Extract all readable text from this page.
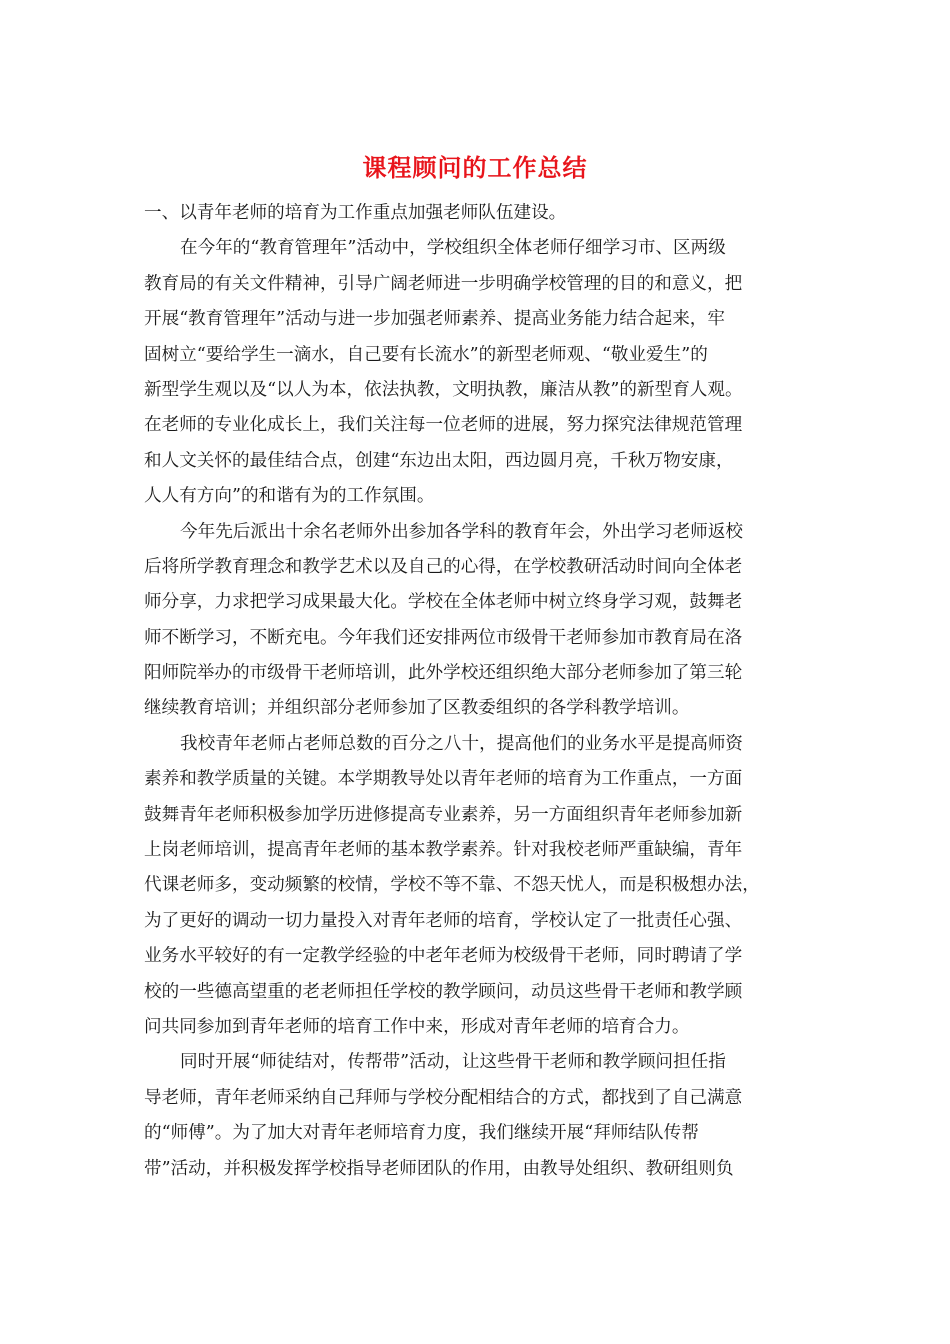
课程顾问的工作总结
一、以青年老师的培育为工作重点加强老师队伍建设。
在今年的“教育管理年”活动中，学校组织全体老师仔细学习市、区两级
教育局的有关文件精神，引导广阔老师进一步明确学校管理的目的和意义，把
开展“教育管理年”活动与进一步加强老师素养、提高业务能力结合起来，牢
固树立“要给学生一滴水，自己要有长流水”的新型老师观、“敬业爱生”的
新型学生观以及“以人为本，依法执教，文明执教，廉洁从教”的新型育人观。
在老师的专业化成长上，我们关注每一位老师的进展，努力探究法律规范管理
和人文关怀的最佳结合点，创建“东边出太阳，西边圆月亮，千秋万物安康，
人人有方向”的和谐有为的工作氛围。
今年先后派出十余名老师外出参加各学科的教育年会，外出学习老师返校
后将所学教育理念和教学艺术以及自己的心得，在学校教研活动时间向全体老
师分享，力求把学习成果最大化。学校在全体老师中树立终身学习观，鼓舞老
师不断学习，不断充电。今年我们还安排两位市级骨干老师参加市教育局在洛
阳师院举办的市级骨干老师培训，此外学校还组织绝大部分老师参加了第三轮
继续教育培训；并组织部分老师参加了区教委组织的各学科教学培训。
我校青年老师占老师总数的百分之八十，提高他们的业务水平是提高师资
素养和教学质量的关键。本学期教导处以青年老师的培育为工作重点，一方面
鼓舞青年老师积极参加学历进修提高专业素养，另一方面组织青年老师参加新
上岗老师培训，提高青年老师的基本教学素养。针对我校老师严重缺编，青年
代课老师多，变动频繁的校情，学校不等不靠、不怨天忧人，而是积极想办法，
为了更好的调动一切力量投入对青年老师的培育，学校认定了一批责任心强、
业务水平较好的有一定教学经验的中老年老师为校级骨干老师，同时聘请了学
校的一些德高望重的老老师担任学校的教学顾问，动员这些骨干老师和教学顾
问共同参加到青年老师的培育工作中来，形成对青年老师的培育合力。
同时开展“师徒结对，传帮带”活动，让这些骨干老师和教学顾问担任指
导老师，青年老师采纳自己拜师与学校分配相结合的方式，都找到了自己满意
的“师傅”。为了加大对青年老师培育力度，我们继续开展“拜师结队传帮
带”活动，并积极发挥学校指导老师团队的作用，由教导处组织、教研组则负
